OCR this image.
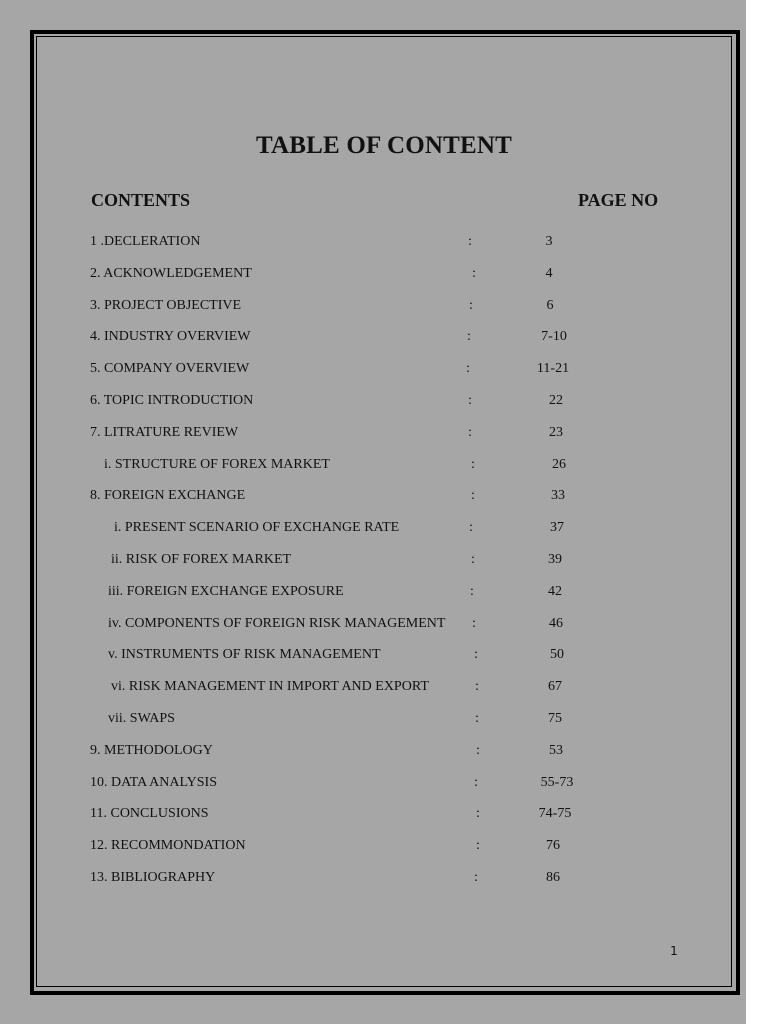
TABLE OF CONTENT
CONTENTS	PAGE NO
1 .DECLERATION	:	3
2. ACKNOWLEDGEMENT	:	4
3. PROJECT OBJECTIVE	:	6
4. INDUSTRY OVERVIEW	:	7-10
5. COMPANY OVERVIEW	:	11-21
6. TOPIC INTRODUCTION	:	22
7. LITRATURE REVIEW	:	23
i. STRUCTURE OF FOREX MARKET	:	26
8. FOREIGN EXCHANGE	:	33
i. PRESENT SCENARIO OF EXCHANGE RATE	:	37
ii. RISK OF FOREX MARKET	:	39
iii. FOREIGN EXCHANGE EXPOSURE	:	42
iv. COMPONENTS OF FOREIGN RISK MANAGEMENT :	46
v. INSTRUMENTS OF RISK MANAGEMENT	:	50
vi. RISK MANAGEMENT IN IMPORT AND EXPORT	:	67
vii. SWAPS	:	75
9. METHODOLOGY	:	53
10. DATA ANALYSIS	:	55-73
11. CONCLUSIONS	:	74-75
12. RECOMMONDATION	:	76
13. BIBLIOGRAPHY	:	86
1
